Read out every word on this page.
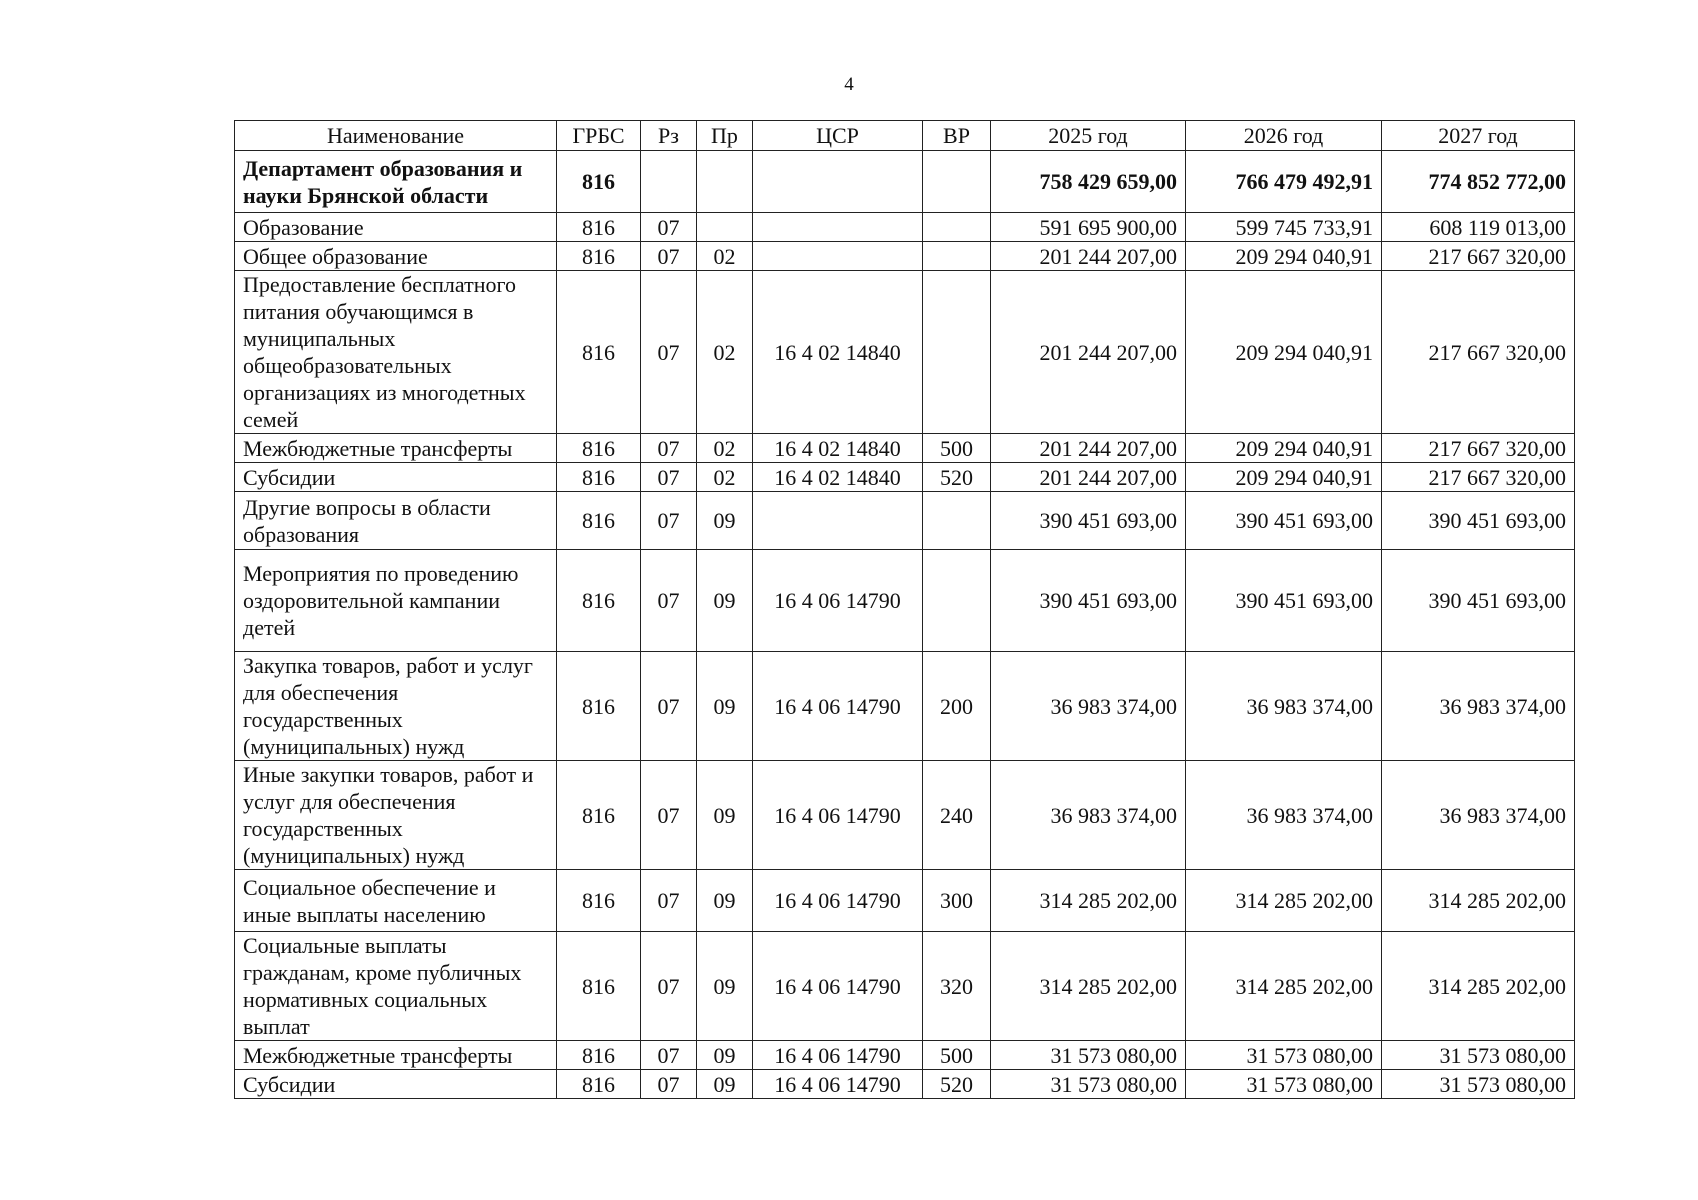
4
Наименование	ГРБС	Рз	Пр	ЦСР	ВР	2025 год	2026 год	2027 год
Департамент образования и науки Брянской области	816					758 429 659,00	766 479 492,91	774 852 772,00
Образование	816	07				591 695 900,00	599 745 733,91	608 119 013,00
Общее образование	816	07	02			201 244 207,00	209 294 040,91	217 667 320,00
Предоставление бесплатного питания обучающимся в муниципальных общеобразовательных организациях из многодетных семей	816	07	02	16 4 02 14840		201 244 207,00	209 294 040,91	217 667 320,00
Межбюджетные трансферты	816	07	02	16 4 02 14840	500	201 244 207,00	209 294 040,91	217 667 320,00
Субсидии	816	07	02	16 4 02 14840	520	201 244 207,00	209 294 040,91	217 667 320,00
Другие вопросы в области образования	816	07	09			390 451 693,00	390 451 693,00	390 451 693,00
Мероприятия по проведению оздоровительной кампании детей	816	07	09	16 4 06 14790		390 451 693,00	390 451 693,00	390 451 693,00
Закупка товаров, работ и услуг для обеспечения государственных (муниципальных) нужд	816	07	09	16 4 06 14790	200	36 983 374,00	36 983 374,00	36 983 374,00
Иные закупки товаров, работ и услуг для обеспечения государственных (муниципальных) нужд	816	07	09	16 4 06 14790	240	36 983 374,00	36 983 374,00	36 983 374,00
Социальное обеспечение и иные выплаты населению	816	07	09	16 4 06 14790	300	314 285 202,00	314 285 202,00	314 285 202,00
Социальные выплаты гражданам, кроме публичных нормативных социальных выплат	816	07	09	16 4 06 14790	320	314 285 202,00	314 285 202,00	314 285 202,00
Межбюджетные трансферты	816	07	09	16 4 06 14790	500	31 573 080,00	31 573 080,00	31 573 080,00
Субсидии	816	07	09	16 4 06 14790	520	31 573 080,00	31 573 080,00	31 573 080,00
